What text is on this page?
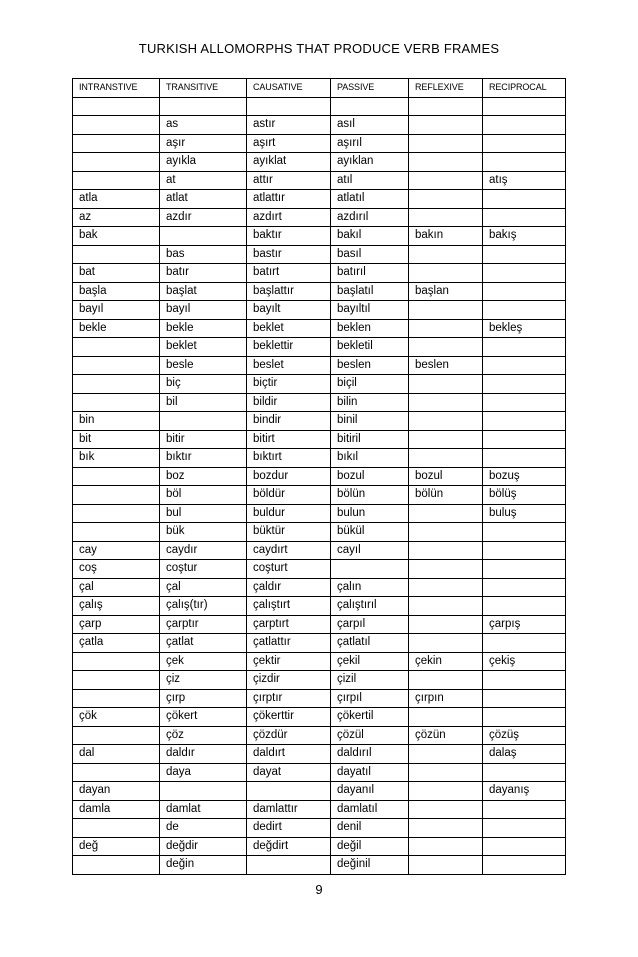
TURKISH ALLOMORPHS THAT PRODUCE VERB FRAMES
INTRANSTIVE	TRANSITIVE	CAUSATIVE	PASSIVE	REFLEXIVE	RECIPROCAL

	as	astır	asıl		
	aşır	aşırt	aşırıl		
	ayıkla	ayıklat	ayıklan		
	at	attır	atıl		atış
atla	atlat	atlattır	atlatıl		
az	azdır	azdırt	azdırıl		
bak		baktır	bakıl	bakın	bakış
	bas	bastır	basıl		
bat	batır	batırt	batırıl		
başla	başlat	başlattır	başlatıl	başlan	
bayıl	bayıl	bayılt	bayıltıl		
bekle	bekle	beklet	beklen		bekleş
	beklet	beklettir	bekletil		
	besle	beslet	beslen	beslen	
	biç	biçtir	biçil		
	bil	bildir	bilin		
bin		bindir	binil		
bit	bitir	bitirt	bitiril		
bık	bıktır	bıktırt	bıkıl		
	boz	bozdur	bozul	bozul	bozuş
	böl	böldür	bölün	bölün	bölüş
	bul	buldur	bulun		buluş
	bük	büktür	bükül		
cay	caydır	caydırt	cayıl		
coş	coştur	coşturt			
çal	çal	çaldır	çalın		
çalış	çalış(tır)	çalıştırt	çalıştırıl		
çarp	çarptır	çarptırt	çarpıl		çarpış
çatla	çatlat	çatlattır	çatlatıl		
	çek	çektir	çekil	çekin	çekiş
	çiz	çizdir	çizil		
	çırp	çırptır	çırpıl	çırpın	
çök	çökert	çökerttir	çökertil		
	çöz	çözdür	çözül	çözün	çözüş
dal	daldır	daldırt	daldırıl		dalaş
	daya	dayat	dayatıl		
dayan			dayanıl		dayanış
damla	damlat	damlattır	damlatıl		
	de	dedirt	denil		
değ	değdir	değdirt	değil		
	değin		değinil		
9
